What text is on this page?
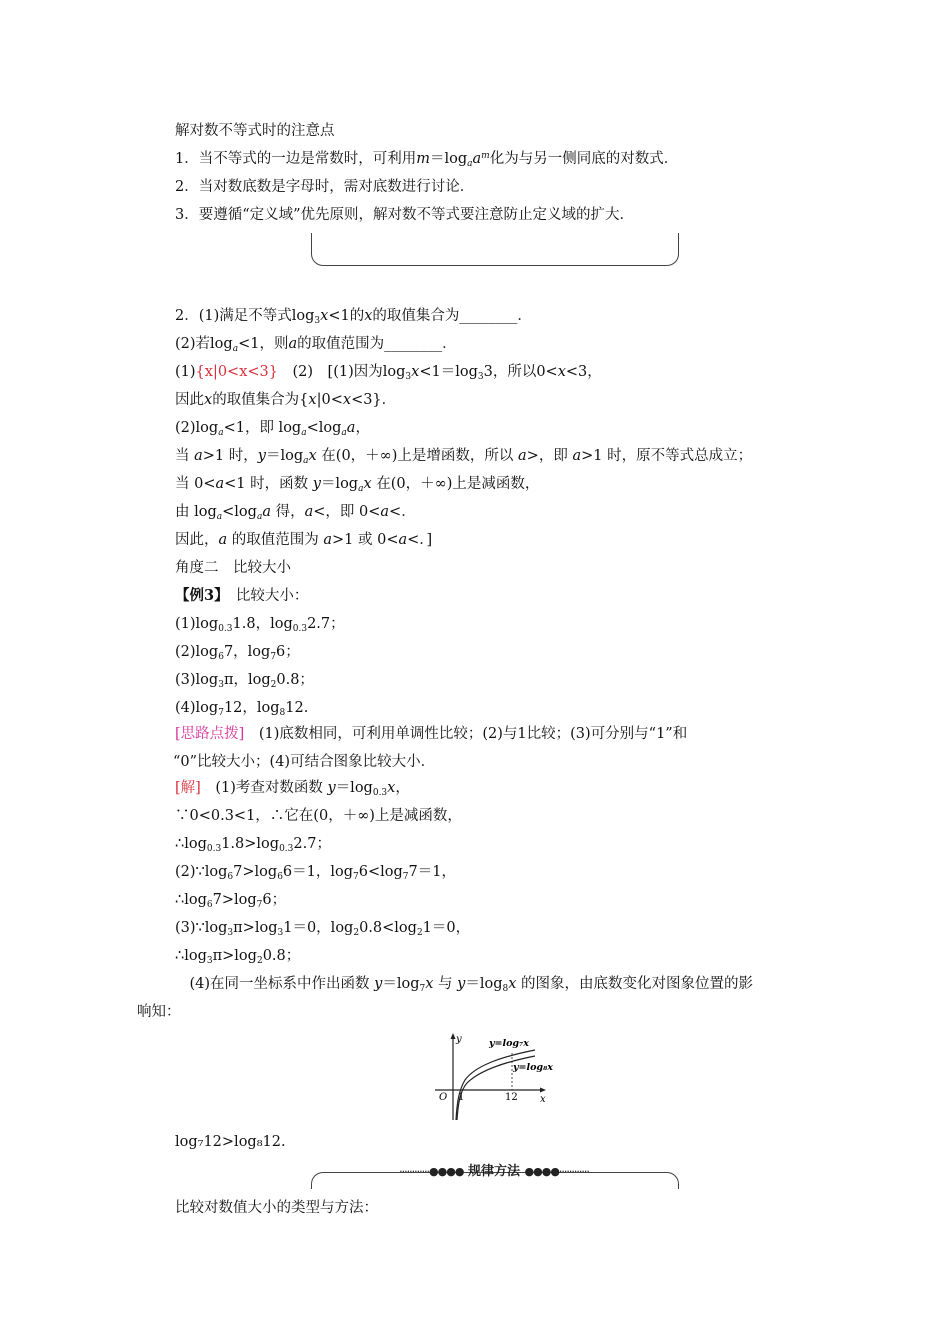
解对数不等式时的注意点
1．当不等式的一边是常数时，可利用$m=\log_aa^m$化为与另一侧同底的对数式．
2．当对数底数是字母时，需对底数进行讨论．
3．要遵循“定义域”优先原则，解对数不等式要注意防止定义域的扩大．
2．(1)满足不等式$\log_3x<1$的x的取值集合为________．
(2)若$\log_a<1$，则a的取值范围为________．
(1){x|0<x<3}　(2)　[(1)因为$\log_3x<1=\log_33$，所以0<x<3，
因此x的取值集合为{x|0<x<3}．
$(2)\log_a<1$，即 $\log_a<\log_aa$，
当 a>1 时，$y=\log_ax$ 在(0，＋∞)上是增函数，所以 a>，即 a>1 时，原不等式总成立；
当 0<a<1 时，函数 $y=\log_ax$ 在(0，＋∞)上是减函数，
由 $\log_a<\log_aa$ 得，a<，即 0<a<．
因此，a 的取值范围为 a>1 或 0<a<．]
角度二　比较大小
【例3】　 比较大小：
$(1)\log_{0.3}1.8$，$\log_{0.3}2.7$；
$(2)\log_67$，$\log_76$；
$(3)\log_3\pi$，$\log_20.8$；
$(4)\log_712$，$\log_812$.
[思路点拨]　 (1)底数相同，可利用单调性比较；(2)与1比较；(3)可分别与“1”和
“0”比较大小；(4)可结合图象比较大小．
[解]　(1)考查对数函数 $y=\log_{0.3}x$，
∵0<0.3<1，∴它在(0，＋∞)上是减函数，
$\therefore\log_{0.3}1.8>\log_{0.3}2.7$；
$(2)\because\log_67>\log_66=1$，$\log_76<\log_77=1$，
$\therefore\log_67>\log_76$；
$(3)\because\log_3\pi>\log_31=0$，$\log_20.8<\log_21=0$，
$\therefore\log_3\pi>\log_20.8$；
　(4)在同一坐标系中作出函数 $y=\log_7x$ 与 $y=\log_8x$ 的图象，由底数变化对图象位置的影
响知：
y
x
O 1	12
y=log₇x
y=log₈x
log₇12>log₈12.
············●●●● 规律方法 ●●●●············
比较对数值大小的类型与方法：
